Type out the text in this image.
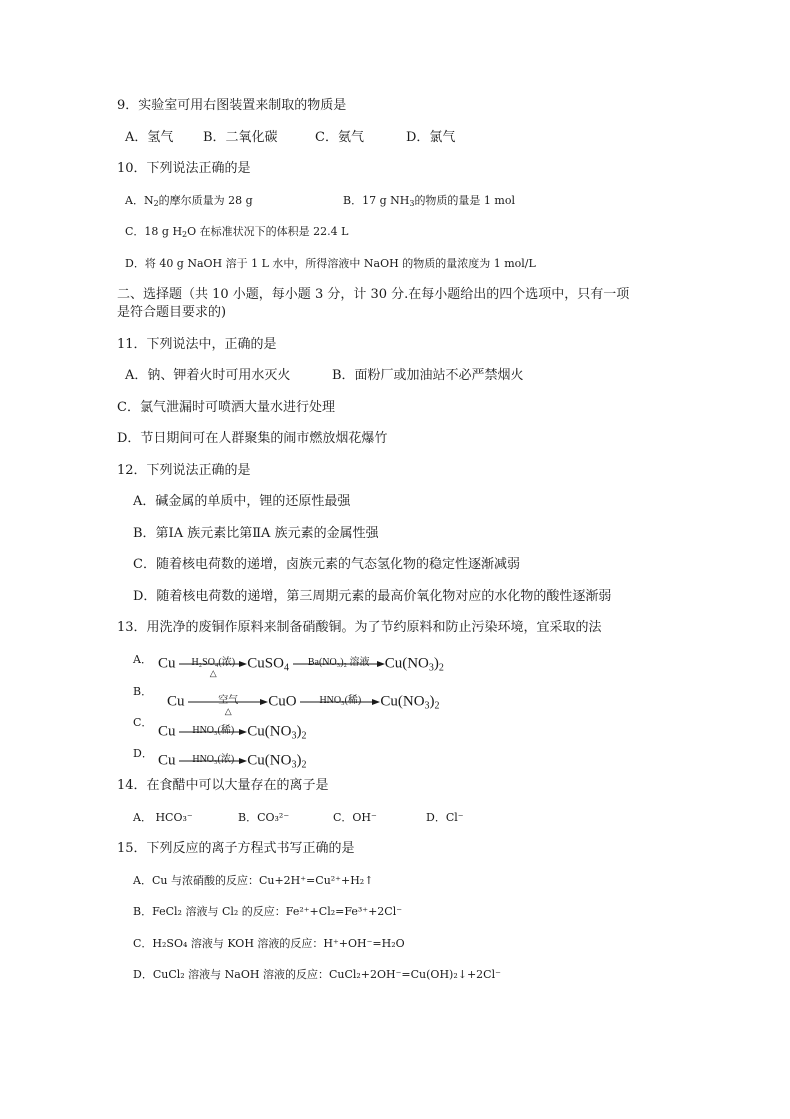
9．实验室可用右图装置来制取的物质是
A．氢气 B．二氧化碳	C．氨气	D．氯气
10．下列说法正确的是
A．$N_2$的摩尔质量为 28 g	B．17 g $NH_3$的物质的量是 1 mol
C．18 g $H_2O$ 在标准状况下的体积是 22.4 L
D．将 40 g NaOH 溶于 1 L 水中，所得溶液中 NaOH 的物质的量浓度为 1 mol/L
二、选择题（共 10 小题，每小题 3 分，计 30 分.在每小题给出的四个选项中，只有一项
是符合题目要求的)
11．下列说法中，正确的是
A．钠、钾着火时可用水灭火	B．面粉厂或加油站不必严禁烟火
C．氯气泄漏时可喷洒大量水进行处理
D．节日期间可在人群聚集的闹市燃放烟花爆竹
12．下列说法正确的是
A．碱金属的单质中，锂的还原性最强
B．第ⅠA 族元素比第ⅡA 族元素的金属性强
C．随着核电荷数的递增，卤族元素的气态氢化物的稳定性逐渐减弱
D．随着核电荷数的递增，第三周期元素的最高价氧化物对应的水化物的酸性逐渐弱
13．用洗净的废铜作原料来制备硝酸铜。为了节约原料和防止污染环境，宜采取的法
A． Cu	H₂SO₄(浓)
△
CuSO$_4$	Ba(NO₃)₂ 溶液	$Cu(NO_3)_2$
B．
Cu	空气
△
CuO	HNO₃(稀)	$Cu(NO_3)_2$
C．
Cu	HNO₃(稀) $Cu(NO_3)_2$
D． Cu	HNO₃(浓) $Cu(NO_3)_2$
14．在食醋中可以大量存在的离子是
A． HCO₃⁻	B．CO₃²⁻	C．OH⁻	D．Cl⁻
15．下列反应的离子方程式书写正确的是
A．Cu 与浓硝酸的反应：Cu+2H⁺=Cu²⁺+H₂↑
B．FeCl₂ 溶液与 Cl₂ 的反应：Fe²⁺+Cl₂=Fe³⁺+2Cl⁻
C．H₂SO₄ 溶液与 KOH 溶液的反应：H⁺+OH⁻=H₂O
D．CuCl₂ 溶液与 NaOH 溶液的反应：CuCl₂+2OH⁻=Cu(OH)₂↓+2Cl⁻
